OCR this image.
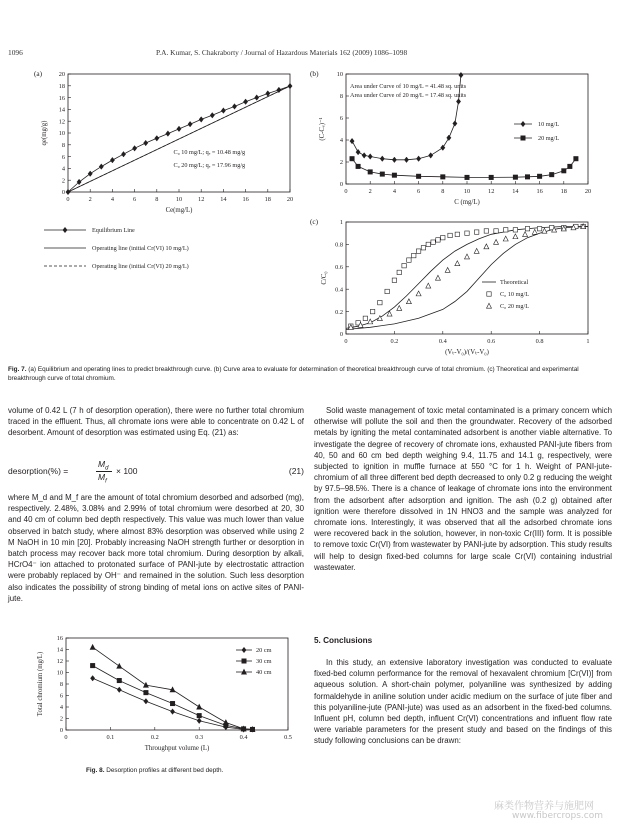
1096	P.A. Kumar, S. Chakraborty / Journal of Hazardous Materials 162 (2009) 1086–1098
0	2	4	6	8	10	12	14	16	18	20
0
2
4
6
8
10
12
14
16
18
20
Ce(mg/L)
qe(mg/g)
(a)
C₀ 10 mg/L; qₑ = 10.48 mg/g
C₀ 20 mg/L; qₑ = 17.96 mg/g
0	2	4	6	8	10	12	14	16	18	20
0
2
4
6
8
10
C (mg/L)
(C-Cₑ)⁻¹
(b)
Area under Curve of 10 mg/L = 41.48 sq. units
Area under Curve of 20 mg/L = 17.48 sq. units
10 mg/L
20 mg/L
0	0.2	0.4	0.6	0.8	1
0
0.2
0.4
0.6
0.8
1
(Vₜ-V₀)/(Vₜ-V₀)
C/C₀
(c)
Theoretical
C₀ 10 mg/L
C₀ 20 mg/L
Equilibrium Line
Operating line (initial Cr(VI) 10 mg/L)
Operating line (initial Cr(VI) 20 mg/L)
Fig. 7. (a) Equilibrium and operating lines to predict breakthrough curve. (b) Curve area to evaluate for determination of theoretical breakthrough curve of total chromium. (c) Theoretical and experimental breakthrough curve of total chromium.

volume of 0.42 L (7 h of desorption operation), there were no further total chromium traced in the effluent. Thus, all chromate ions were able to concentrate on 0.42 L of desorbent. Amount of desorption was estimated using Eq. (21) as:

desorption(%) =
$M_d$
$M_f$
× 100	(21)

where M_d and M_f are the amount of total chromium desorbed and adsorbed (mg), respectively. 2.48%, 3.08% and 2.99% of total chromium were desorbed at 20, 30 and 40 cm of column bed depth respectively. This value was much lower than value observed in batch study, where almost 83% desorption was observed while using 2 M NaOH in 10 min [20]. Probably increasing NaOH strength further or desorption in batch process may recover back more total chromium. During desorption by alkali, HCrO4⁻ ion attached to protonated surface of PANI-jute by electrostatic attraction were probably replaced by OH⁻ and remained in the solution. Such less desorption also indicates the possibility of strong binding of metal ions on active sites of PANI-jute.

0	0.1	0.2	0.3	0.4	0.5
0
2
4
6
8
10
12
14
16
Throughput volume (L)
Total chromium (mg/L)
20 cm
30 cm
40 cm
Fig. 8. Desorption profiles at different bed depth.

Solid waste management of toxic metal contaminated is a primary concern which otherwise will pollute the soil and then the groundwater. Recovery of the adsorbed metals by igniting the metal contaminated adsorbent is another viable alternative. To investigate the degree of recovery of chromate ions, exhausted PANI-jute fibers from 40, 50 and 60 cm bed depth weighing 9.4, 11.75 and 14.1 g, respectively, were subjected to ignition in muffle furnace at 550 °C for 1 h. Weight of PANI-jute-chromium of all three different bed depth decreased to only 0.2 g reducing the weight by 97.5–98.5%. There is a chance of leakage of chromate ions into the environment from the adsorbent after adsorption and ignition. The ash (0.2 g) obtained after ignition were therefore dissolved in 1N HNO3 and the sample was analyzed for chromate ions. Interestingly, it was observed that all the adsorbed chromate ions were recovered back in the solution, however, in non-toxic Cr(III) form. It is possible to remove toxic Cr(VI) from wastewater by PANI-jute by adsorption. This study results will help to design fixed-bed columns for large scale Cr(VI) containing industrial wastewater.

5. Conclusions

In this study, an extensive laboratory investigation was conducted to evaluate fixed-bed column performance for the removal of hexavalent chromium [Cr(VI)] from aqueous solution. A short-chain polymer, polyaniline was synthesized by adding formaldehyde in aniline solution under acidic medium on the surface of jute fiber and this polyaniline-jute (PANI-jute) was used as an adsorbent in the fixed-bed columns. Influent pH, column bed depth, influent Cr(VI) concentrations and influent flow rate were variable parameters for the present study and based on the findings of this study following conclusions can be drawn:

麻类作物营养与施肥网
www.fibercrops.com
